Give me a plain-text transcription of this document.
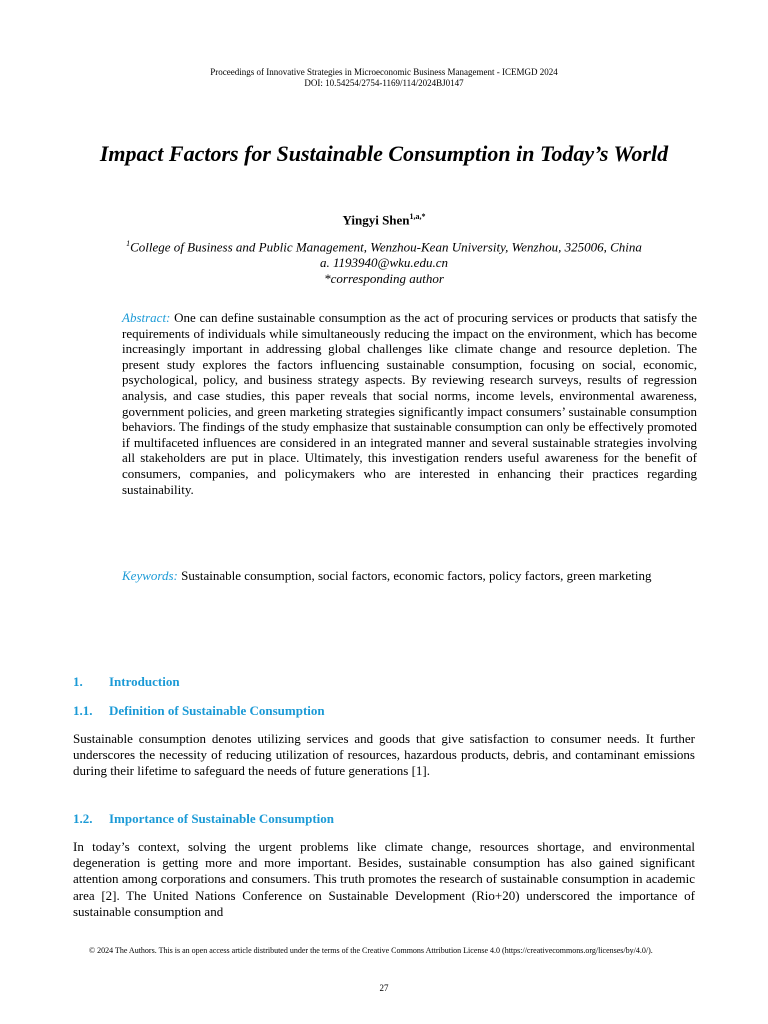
Proceedings of Innovative Strategies in Microeconomic Business Management - ICEMGD 2024
DOI: 10.54254/2754-1169/114/2024BJ0147
Impact Factors for Sustainable Consumption in Today’s World
Yingyi Shen$^{1,a,*}$
$^1$College of Business and Public Management, Wenzhou-Kean University, Wenzhou, 325006, China
a. 1193940@wku.edu.cn
*corresponding author
Abstract: One can define sustainable consumption as the act of procuring services or products that satisfy the requirements of individuals while simultaneously reducing the impact on the environment, which has become increasingly important in addressing global challenges like climate change and resource depletion. The present study explores the factors influencing sustainable consumption, focusing on social, economic, psychological, policy, and business strategy aspects. By reviewing research surveys, results of regression analysis, and case studies, this paper reveals that social norms, income levels, environmental awareness, government policies, and green marketing strategies significantly impact consumers’ sustainable consumption behaviors. The findings of the study emphasize that sustainable consumption can only be effectively promoted if multifaceted influences are considered in an integrated manner and several sustainable strategies involving all stakeholders are put in place. Ultimately, this investigation renders useful awareness for the benefit of consumers, companies, and policymakers who are interested in enhancing their practices regarding sustainability.
Keywords: Sustainable consumption, social factors, economic factors, policy factors, green marketing
1. Introduction
1.1. Definition of Sustainable Consumption
Sustainable consumption denotes utilizing services and goods that give satisfaction to consumer needs. It further underscores the necessity of reducing utilization of resources, hazardous products, debris, and contaminant emissions during their lifetime to safeguard the needs of future generations [1].
1.2. Importance of Sustainable Consumption
In today’s context, solving the urgent problems like climate change, resources shortage, and environmental degeneration is getting more and more important. Besides, sustainable consumption has also gained significant attention among corporations and consumers. This truth promotes the research of sustainable consumption in academic area [2]. The United Nations Conference on Sustainable Development (Rio+20) underscored the importance of sustainable consumption and
© 2024 The Authors. This is an open access article distributed under the terms of the Creative Commons Attribution License 4.0 (https://creativecommons.org/licenses/by/4.0/).
27
